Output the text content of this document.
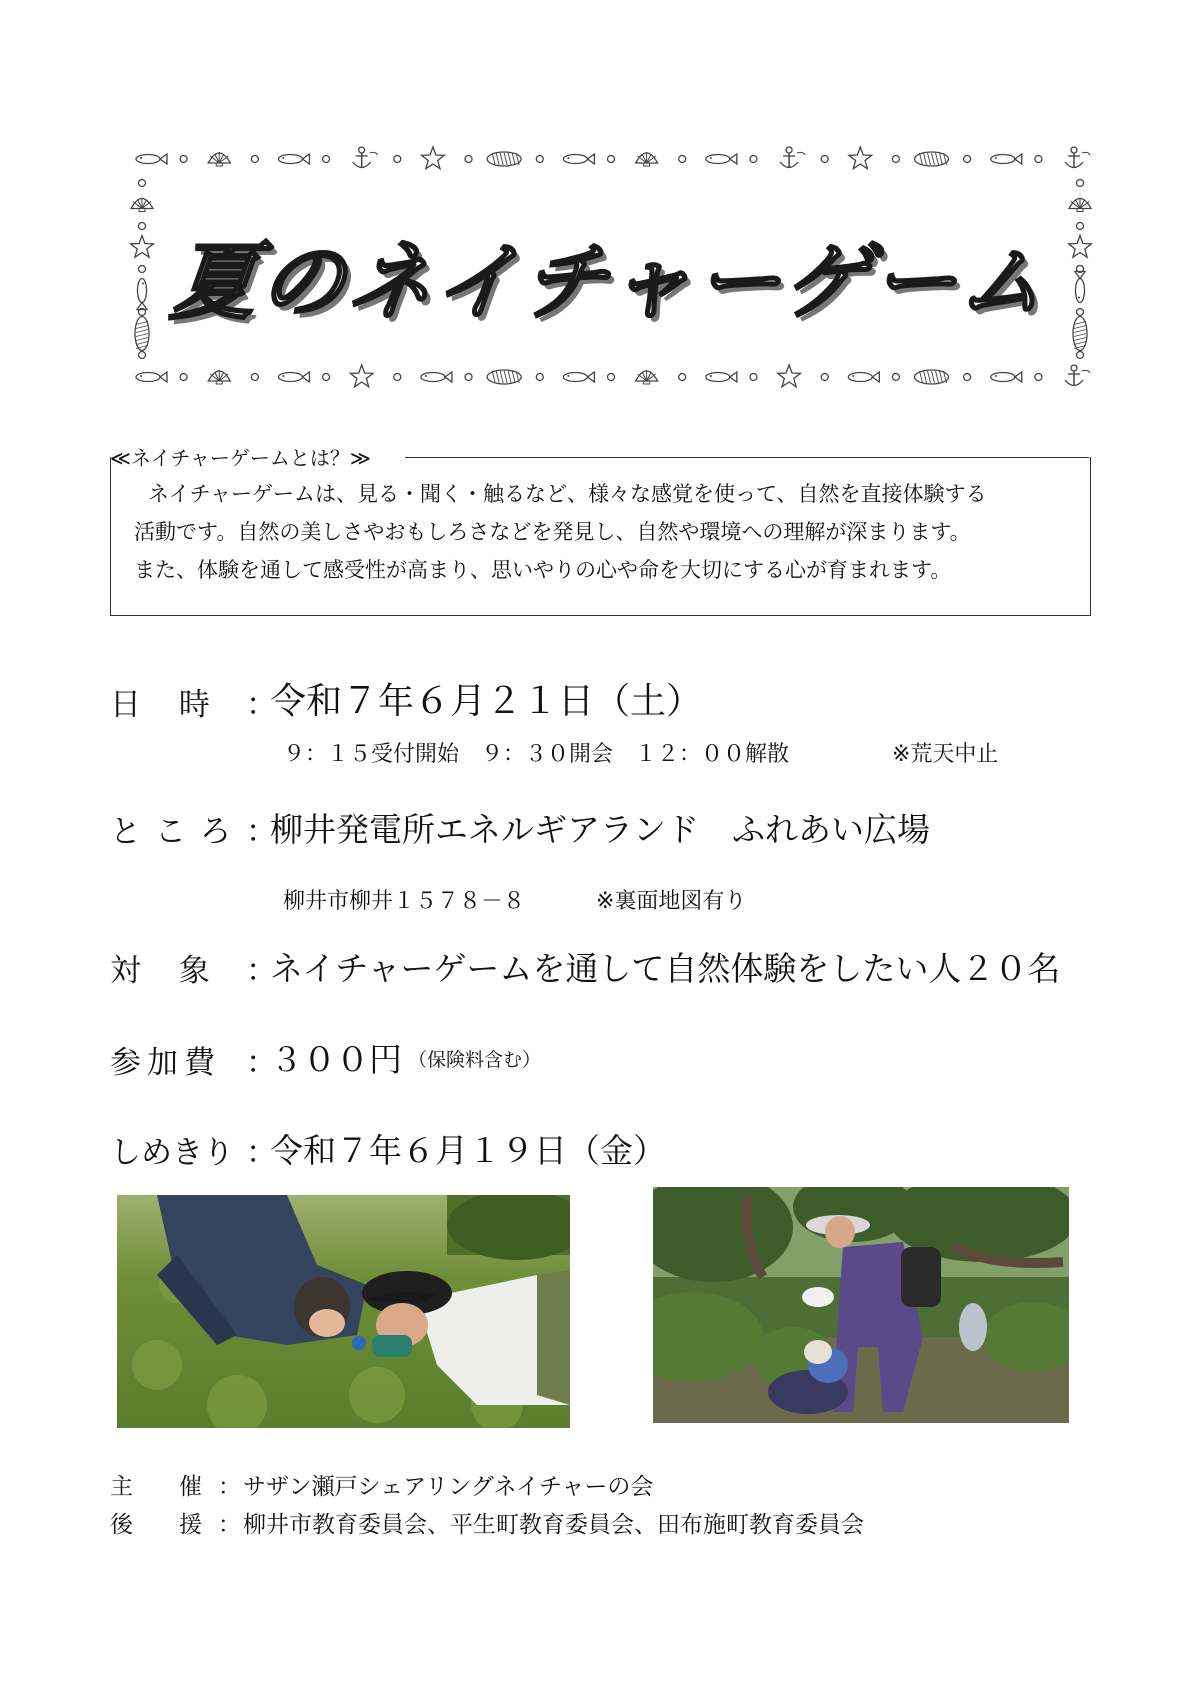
夏のネイチャーゲーム
≪ネイチャーゲームとは？≫
ネイチャーゲームは、見る・聞く・触るなど、様々な感覚を使って、自然を直接体験する
活動です。自然の美しさやおもしろさなどを発見し、自然や環境への理解が深まります。
また、体験を通して感受性が高まり、思いやりの心や命を大切にする心が育まれます。
日 時 ：
令和７年６月２１日（土）
９：１５受付開始　９：３０開会　１２：００解散	※荒天中止
ところ ：
柳井発電所エネルギアランド　ふれあい広場
柳井市柳井１５７８－８	※裏面地図有り
対 象 ：
ネイチャーゲームを通して自然体験をしたい人２０名
参加費 ：
３００円 （保険料含む）
しめきり ：
令和７年６月１９日（金）
主　　催 ： サザン瀬戸シェアリングネイチャーの会
後　　援 ： 柳井市教育委員会、平生町教育委員会、田布施町教育委員会
